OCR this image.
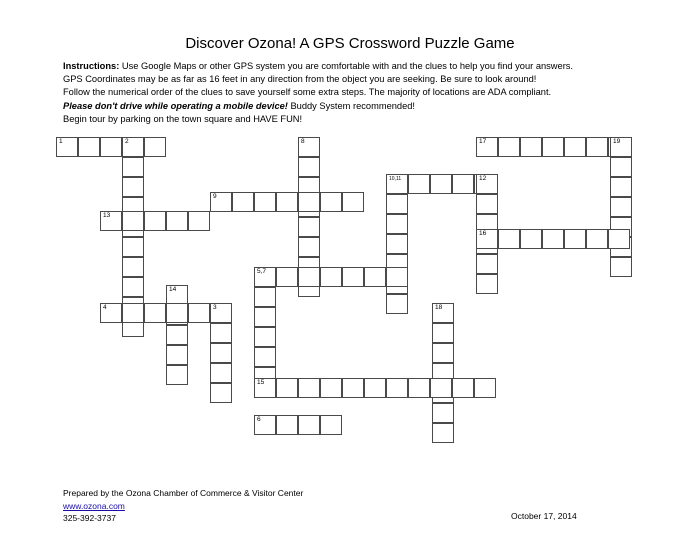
Discover Ozona! A GPS Crossword Puzzle Game
Instructions: Use Google Maps or other GPS system you are comfortable with and the clues to help you find your answers.
GPS Coordinates may be as far as 16 feet in any direction from the object you are seeking. Be sure to look around!
Follow the numerical order of the clues to save yourself some extra steps. The majority of locations are ADA compliant.
Please don't drive while operating a mobile device! Buddy System recommended!
Begin tour by parking on the town square and HAVE FUN!
1	2	8	17	19
10,11	12
9
13
16
5,7
14
4	3	18
15
6
Prepared by the Ozona Chamber of Commerce & Visitor Center
www.ozona.com
325-392-3737	October 17, 2014
